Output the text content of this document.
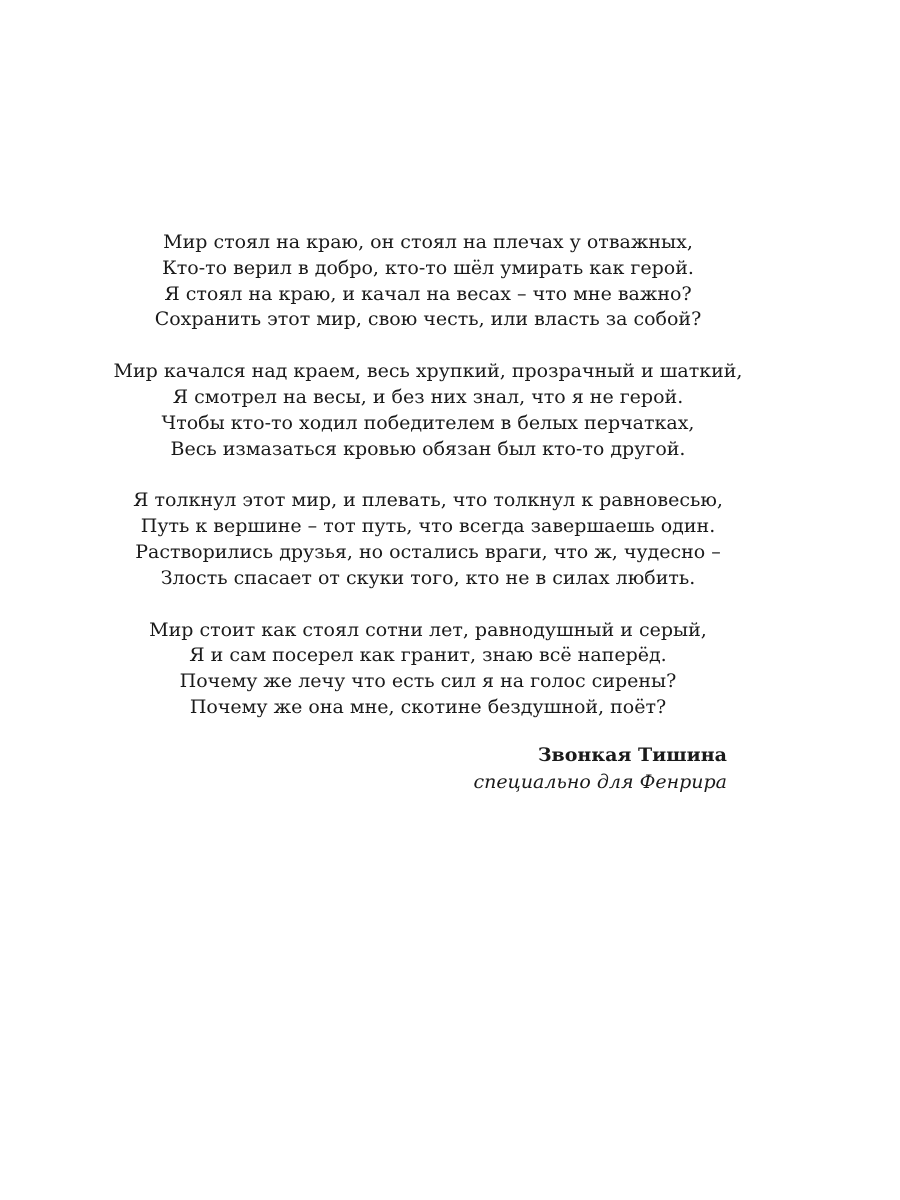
Мир стоял на краю, он стоял на плечах у отважных,
Кто-то верил в добро, кто-то шёл умирать как герой.
Я стоял на краю, и качал на весах – что мне важно?
Сохранить этот мир, свою честь, или власть за собой?
Мир качался над краем, весь хрупкий, прозрачный и шаткий,
Я смотрел на весы, и без них знал, что я не герой.
Чтобы кто-то ходил победителем в белых перчатках,
Весь измазаться кровью обязан был кто-то другой.
Я толкнул этот мир, и плевать, что толкнул к равновесью,
Путь к вершине – тот путь, что всегда завершаешь один.
Растворились друзья, но остались враги, что ж, чудесно –
Злость спасает от скуки того, кто не в силах любить.
Мир стоит как стоял сотни лет, равнодушный и серый,
Я и сам посерел как гранит, знаю всё наперёд.
Почему же лечу что есть сил я на голос сирены?
Почему же она мне, скотине бездушной, поёт?
Звонкая Тишина
специально для Фенрира
